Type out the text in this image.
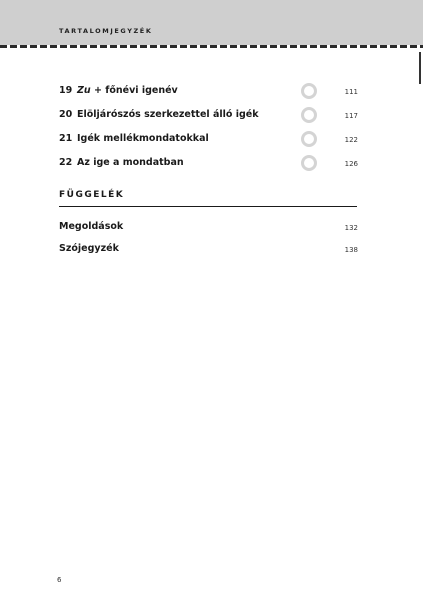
TARTALOMJEGYZÉK
19 Zu + főnévi igenév	111
20 Elöljárószós szerkezettel álló igék	117
21 Igék mellékmondatokkal	122
22 Az ige a mondatban	126
FÜGGELÉK
Megoldások	132
Szójegyzék	138
6
